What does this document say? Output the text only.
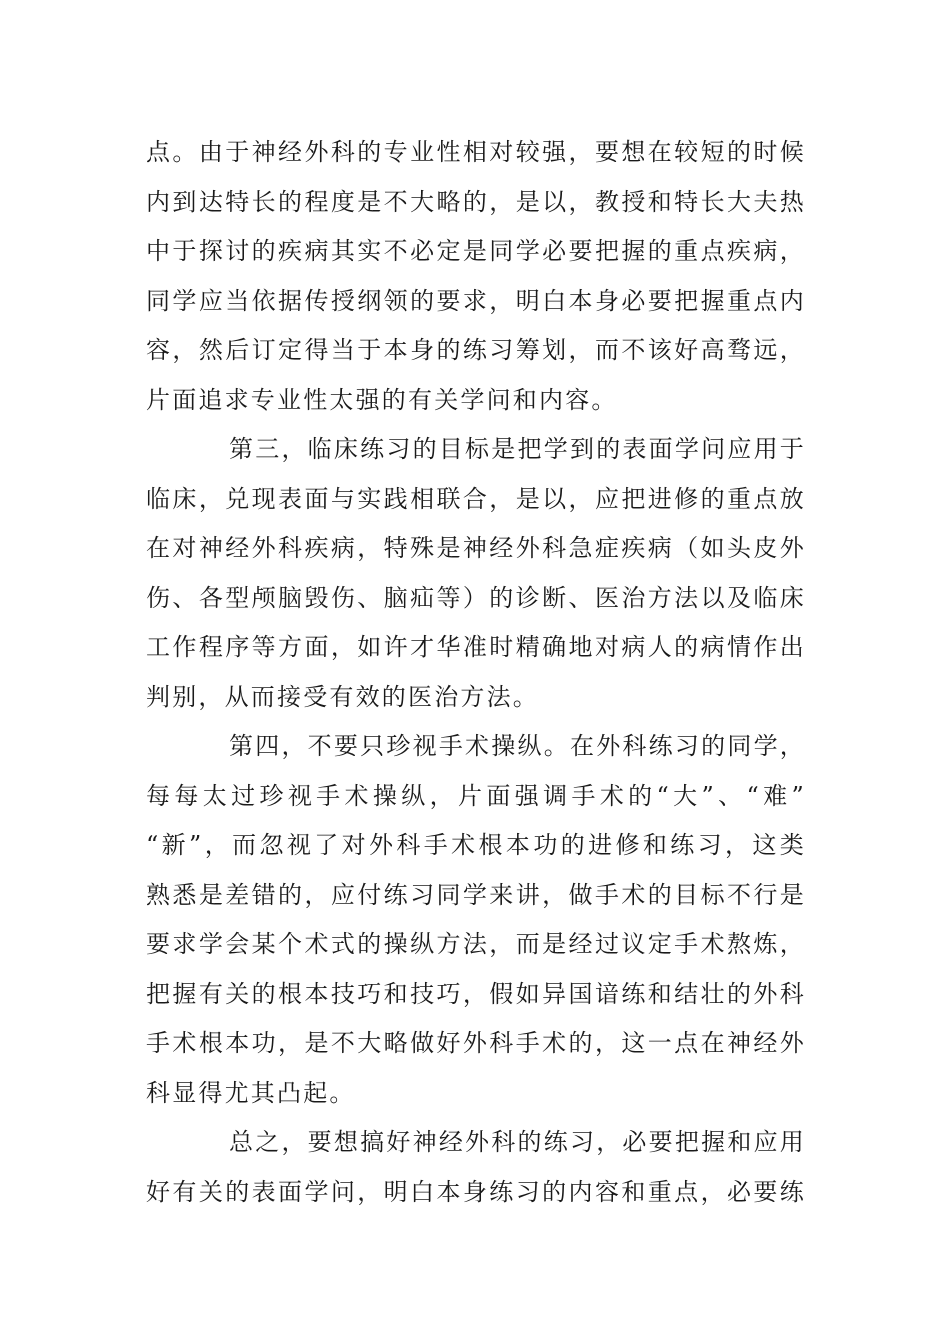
点。由于神经外科的专业性相对较强，要想在较短的时候
内到达特长的程度是不大略的，是以，教授和特长大夫热
中于探讨的疾病其实不必定是同学必要把握的重点疾病，
同学应当依据传授纲领的要求，明白本身必要把握重点内
容，然后订定得当于本身的练习筹划，而不该好高骛远，
片面追求专业性太强的有关学问和内容。
第三，临床练习的目标是把学到的表面学问应用于
临床，兑现表面与实践相联合，是以，应把进修的重点放
在对神经外科疾病，特殊是神经外科急症疾病（如头皮外
伤、各型颅脑毁伤、脑疝等）的诊断、医治方法以及临床
工作程序等方面，如许才华准时精确地对病人的病情作出
判别，从而接受有效的医治方法。
第四，不要只珍视手术操纵。在外科练习的同学，
每每太过珍视手术操纵，片面强调手术的“大”、“难”
“新”，而忽视了对外科手术根本功的进修和练习，这类
熟悉是差错的，应付练习同学来讲，做手术的目标不行是
要求学会某个术式的操纵方法，而是经过议定手术熬炼，
把握有关的根本技巧和技巧，假如异国谙练和结壮的外科
手术根本功，是不大略做好外科手术的，这一点在神经外
科显得尤其凸起。
总之，要想搞好神经外科的练习，必要把握和应用
好有关的表面学问，明白本身练习的内容和重点，必要练
